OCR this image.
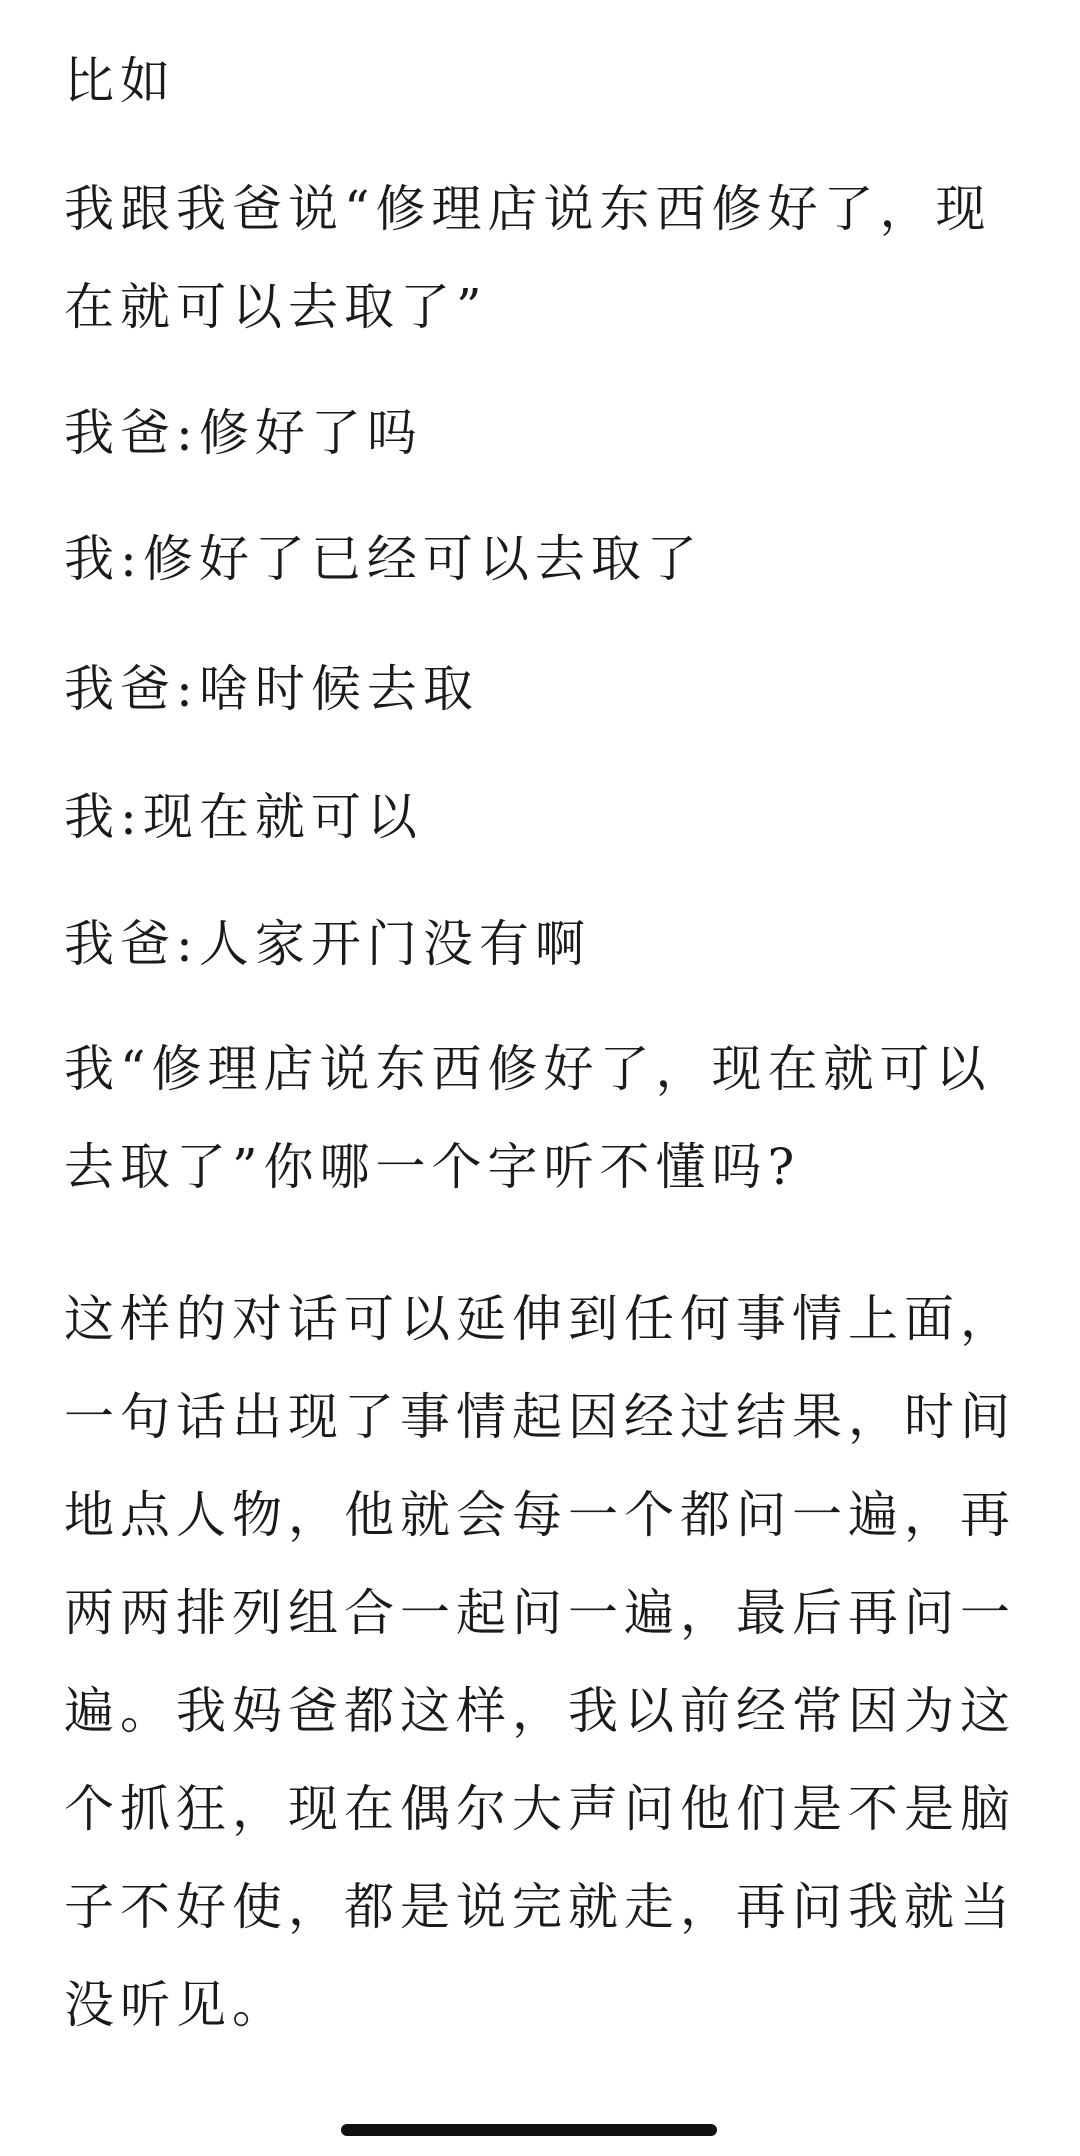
比如

我跟我爸说“修理店说东西修好了，现
在就可以去取了”

我爸:修好了吗

我:修好了已经可以去取了

我爸:啥时候去取

我:现在就可以

我爸:人家开门没有啊

我“修理店说东西修好了，现在就可以
去取了”你哪一个字听不懂吗?

这样的对话可以延伸到任何事情上面，
一句话出现了事情起因经过结果，时间
地点人物，他就会每一个都问一遍，再
两两排列组合一起问一遍，最后再问一
遍。我妈爸都这样，我以前经常因为这
个抓狂，现在偶尔大声问他们是不是脑
子不好使，都是说完就走，再问我就当
没听见。
